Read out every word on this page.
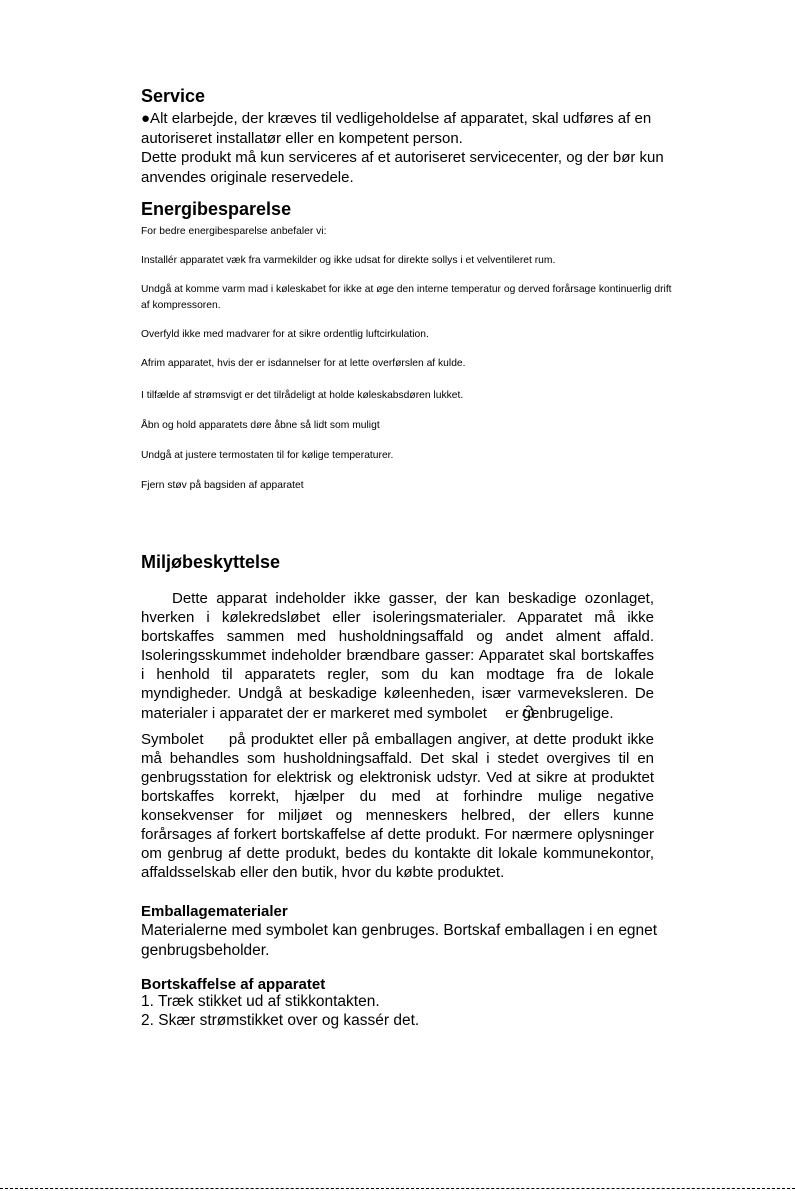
Service

●Alt elarbejde, der kræves til vedligeholdelse af apparatet, skal udføres af en autoriseret installatør eller en kompetent person.

Dette produkt må kun serviceres af et autoriseret servicecenter, og der bør kun anvendes originale reservedele.

Energibesparelse
For bedre energibesparelse anbefaler vi:
Installér apparatet væk fra varmekilder og ikke udsat for direkte sollys i et velventileret rum.
Undgå at komme varm mad i køleskabet for ikke at øge den interne temperatur og derved forårsage kontinuerlig drift af kompressoren.
Overfyld ikke med madvarer for at sikre ordentlig luftcirkulation.
Afrim apparatet, hvis der er isdannelser for at lette overførslen af kulde.
I tilfælde af strømsvigt er det tilrådeligt at holde køleskabsdøren lukket.
Åbn og hold apparatets døre åbne så lidt som muligt
Undgå at justere termostaten til for kølige temperaturer.
Fjern støv på bagsiden af apparatet
Miljøbeskyttelse

Dette apparat indeholder ikke gasser, der kan beskadige ozonlaget, hverken i kølekredsløbet eller isoleringsmaterialer. Apparatet må ikke bortskaffes sammen med husholdningsaffald og andet alment affald. Isoleringsskummet indeholder brændbare gasser: Apparatet skal bortskaffes i henhold til apparatets regler, som du kan modtage fra de lokale myndigheder. Undgå at beskadige køleenheden, især varmeveksleren. De materialer i apparatet der er markeret med symbolet er genbrugelige.

Symbolet på produktet eller på emballagen angiver, at dette produkt ikke må behandles som husholdningsaffald. Det skal i stedet overgives til en genbrugsstation for elektrisk og elektronisk udstyr. Ved at sikre at produktet bortskaffes korrekt, hjælper du med at forhindre mulige negative konsekvenser for miljøet og menneskers helbred, der ellers kunne forårsages af forkert bortskaffelse af dette produkt. For nærmere oplysninger om genbrug af dette produkt, bedes du kontakte dit lokale kommunekontor, affaldsselskab eller den butik, hvor du købte produktet.

Emballagematerialer
Materialerne med symbolet kan genbruges. Bortskaf emballagen i en egnet genbrugsbeholder.
Bortskaffelse af apparatet
1. Træk stikket ud af stikkontakten.
2. Skær strømstikket over og kassér det.
